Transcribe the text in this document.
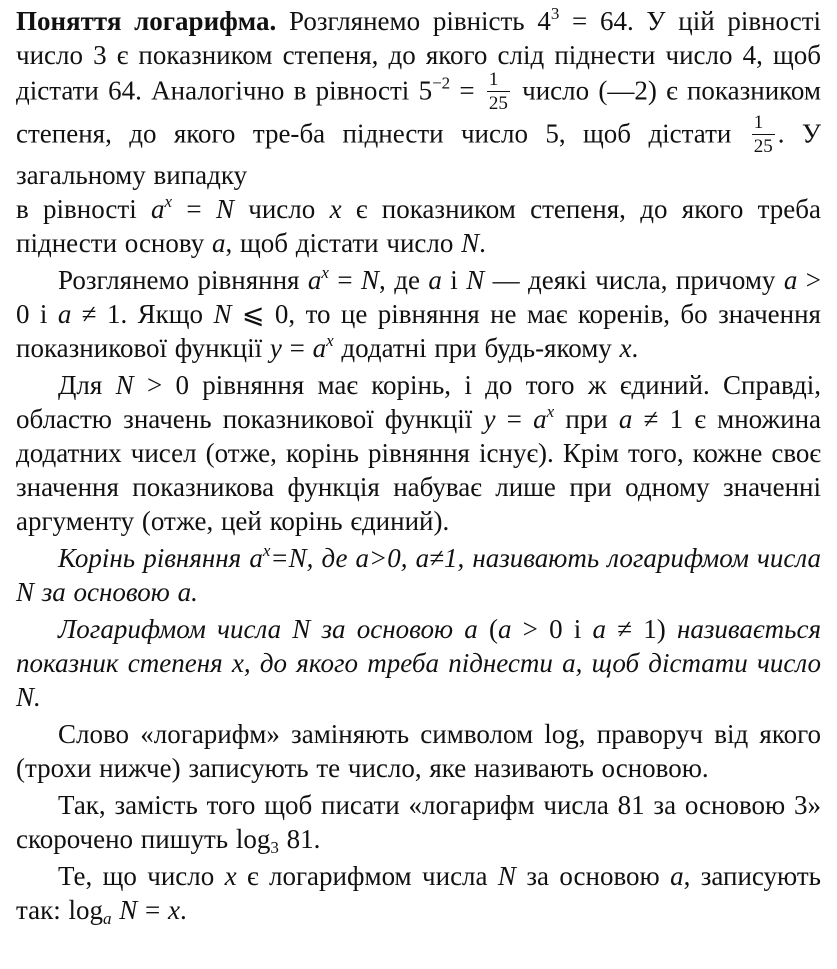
Поняття логарифма. Розглянемо рівність $4^3 = 64$. У цій рівності число 3 є показником степеня, до якого слід піднести число 4, щоб дістати 64. Аналогічно в рівності $5^{-2} = \frac{1}{25}$ число (—2) є показником степеня, до якого тре-ба піднести число 5, щоб дістати $\frac{1}{25}$ . У загальному випадку
в рівності $a^x = N$ число x є показником степеня, до якого треба піднести основу a, щоб дістати число N.

Розглянемо рівняння $a^x = N$, де a і N — деякі числа, причому a > 0 і a ≠ 1. Якщо N ⩽ 0, то це рівняння не має коренів, бо значення показникової функції $y = a^x$ додатні при будь-якому x.

Для N > 0 рівняння має корінь, і до того ж єдиний. Справді, областю значень показникової функції $y = a^x$ при a ≠ 1 є множина додатних чисел (отже, корінь рівняння існує). Крім того, кожне своє значення показникова функція набуває лише при одному значенні аргументу (отже, цей корінь єдиний).

Корінь рівняння $a^x=N$, де a>0, a≠1, називають логарифмом числа N за основою a.

Логарифмом числа N за основою a (a > 0 і a ≠ 1) називається показник степеня x, до якого треба піднести a, щоб дістати число N.

Слово «логарифм» заміняють символом log, праворуч від якого (трохи нижче) записують те число, яке називають основою.

Так, замість того щоб писати «логарифм числа 81 за основою 3» скорочено пишуть $\log_3 81$.

Те, що число x є логарифмом числа N за основою a, записують так: $\log_a N = x$.
